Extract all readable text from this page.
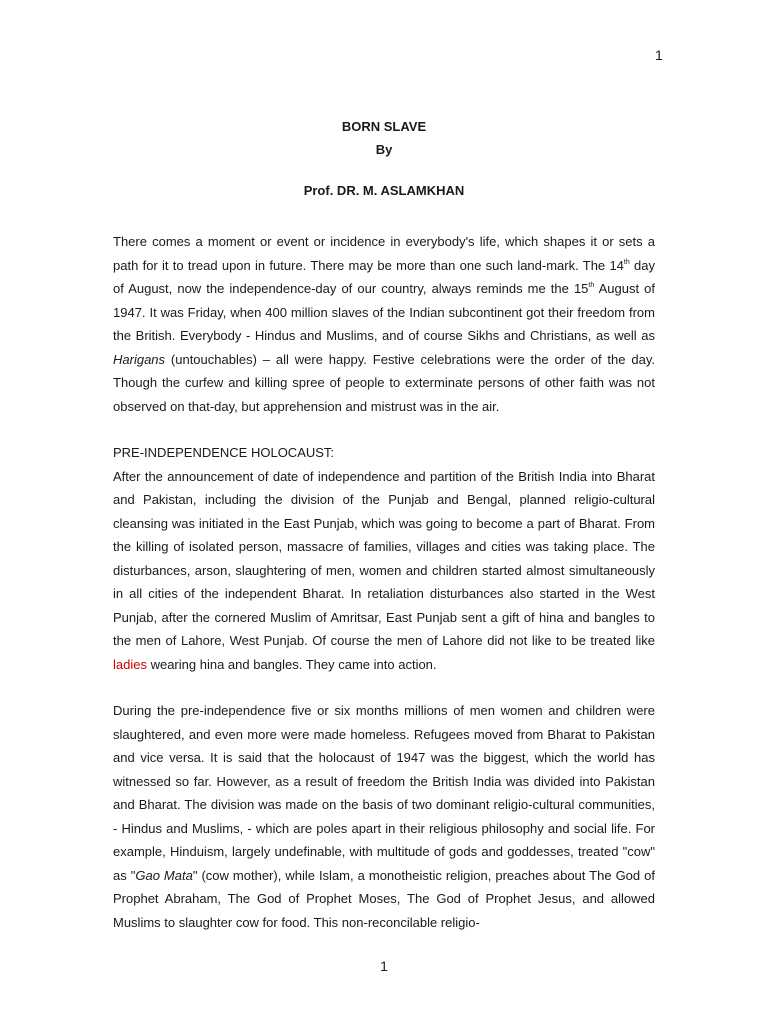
1
BORN SLAVE
By
Prof. DR. M. ASLAMKHAN

There comes a moment or event or incidence in everybody's life, which shapes it or sets a path for it to tread upon in future. There may be more than one such land-mark. The 14th day of August, now the independence-day of our country, always reminds me the 15th August of 1947. It was Friday, when 400 million slaves of the Indian subcontinent got their freedom from the British. Everybody - Hindus and Muslims, and of course Sikhs and Christians, as well as Harigans (untouchables) – all were happy. Festive celebrations were the order of the day. Though the curfew and killing spree of people to exterminate persons of other faith was not observed on that-day, but apprehension and mistrust was in the air.

PRE-INDEPENDENCE HOLOCAUST:

After the announcement of date of independence and partition of the British India into Bharat and Pakistan, including the division of the Punjab and Bengal, planned religio-cultural cleansing was initiated in the East Punjab, which was going to become a part of Bharat. From the killing of isolated person, massacre of families, villages and cities was taking place. The disturbances, arson, slaughtering of men, women and children started almost simultaneously in all cities of the independent Bharat. In retaliation disturbances also started in the West Punjab, after the cornered Muslim of Amritsar, East Punjab sent a gift of hina and bangles to the men of Lahore, West Punjab. Of course the men of Lahore did not like to be treated like ladies wearing hina and bangles. They came into action.

During the pre-independence five or six months millions of men women and children were slaughtered, and even more were made homeless. Refugees moved from Bharat to Pakistan and vice versa. It is said that the holocaust of 1947 was the biggest, which the world has witnessed so far. However, as a result of freedom the British India was divided into Pakistan and Bharat. The division was made on the basis of two dominant religio-cultural communities, - Hindus and Muslims, - which are poles apart in their religious philosophy and social life. For example, Hinduism, largely undefinable, with multitude of gods and goddesses, treated "cow" as "Gao Mata" (cow mother), while Islam, a monotheistic religion, preaches about The God of Prophet Abraham, The God of Prophet Moses, The God of Prophet Jesus, and allowed Muslims to slaughter cow for food. This non-reconcilable religio-

1
